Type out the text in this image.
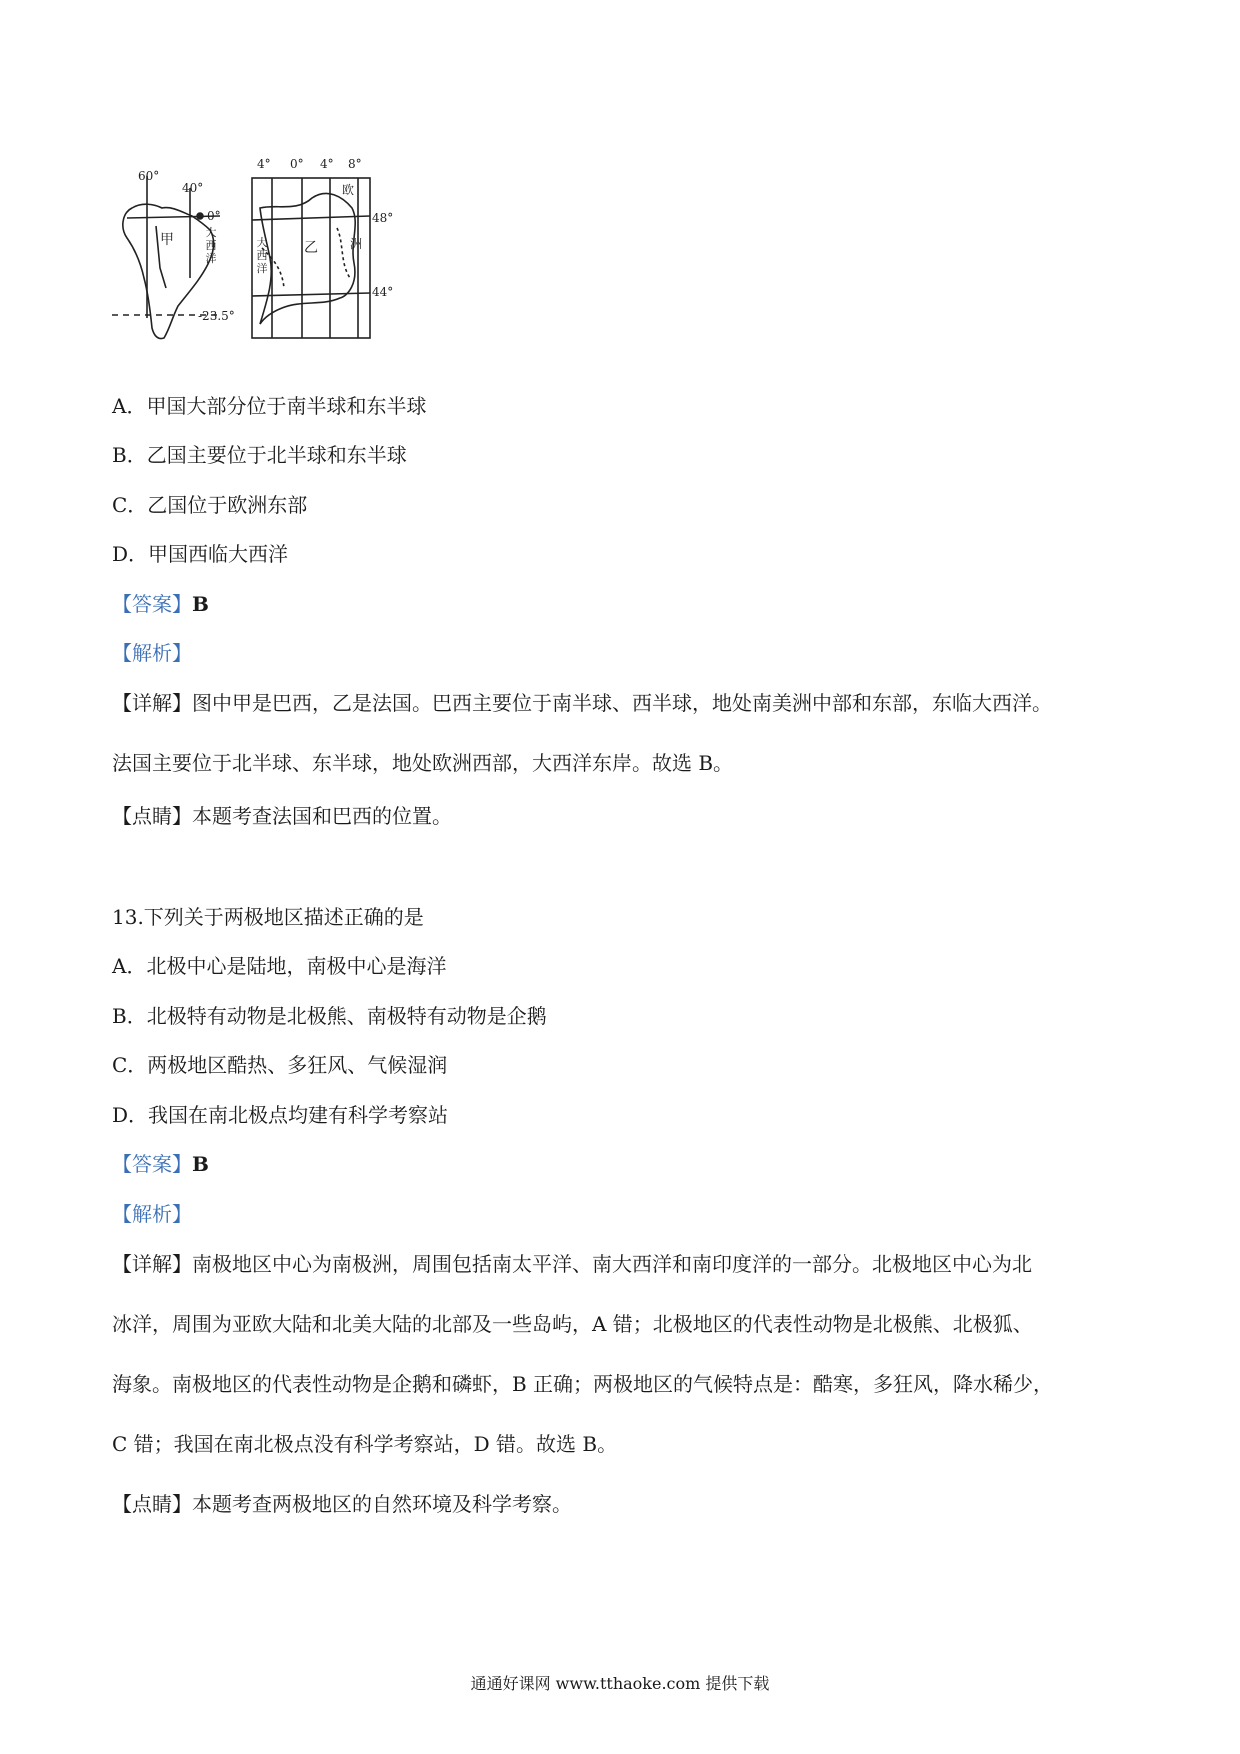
60°
40°
0°
甲	大西洋
-23.5°
4° 0° 4° 8°
欧
48°
乙
大西洋
洲
44°
A．甲国大部分位于南半球和东半球
B．乙国主要位于北半球和东半球
C．乙国位于欧洲东部
D．甲国西临大西洋
【答案】B
【解析】
【详解】图中甲是巴西，乙是法国。巴西主要位于南半球、西半球，地处南美洲中部和东部，东临大西洋。
法国主要位于北半球、东半球，地处欧洲西部，大西洋东岸。故选 B。
【点睛】本题考查法国和巴西的位置。
13.下列关于两极地区描述正确的是
A．北极中心是陆地，南极中心是海洋
B．北极特有动物是北极熊、南极特有动物是企鹅
C．两极地区酷热、多狂风、气候湿润
D．我国在南北极点均建有科学考察站
【答案】B
【解析】
【详解】南极地区中心为南极洲，周围包括南太平洋、南大西洋和南印度洋的一部分。北极地区中心为北
冰洋，周围为亚欧大陆和北美大陆的北部及一些岛屿，A 错；北极地区的代表性动物是北极熊、北极狐、
海象。南极地区的代表性动物是企鹅和磷虾，B 正确；两极地区的气候特点是：酷寒，多狂风，降水稀少，
C 错；我国在南北极点没有科学考察站，D 错。故选 B。
【点睛】本题考查两极地区的自然环境及科学考察。
通通好课网 www.tthaoke.com 提供下载
